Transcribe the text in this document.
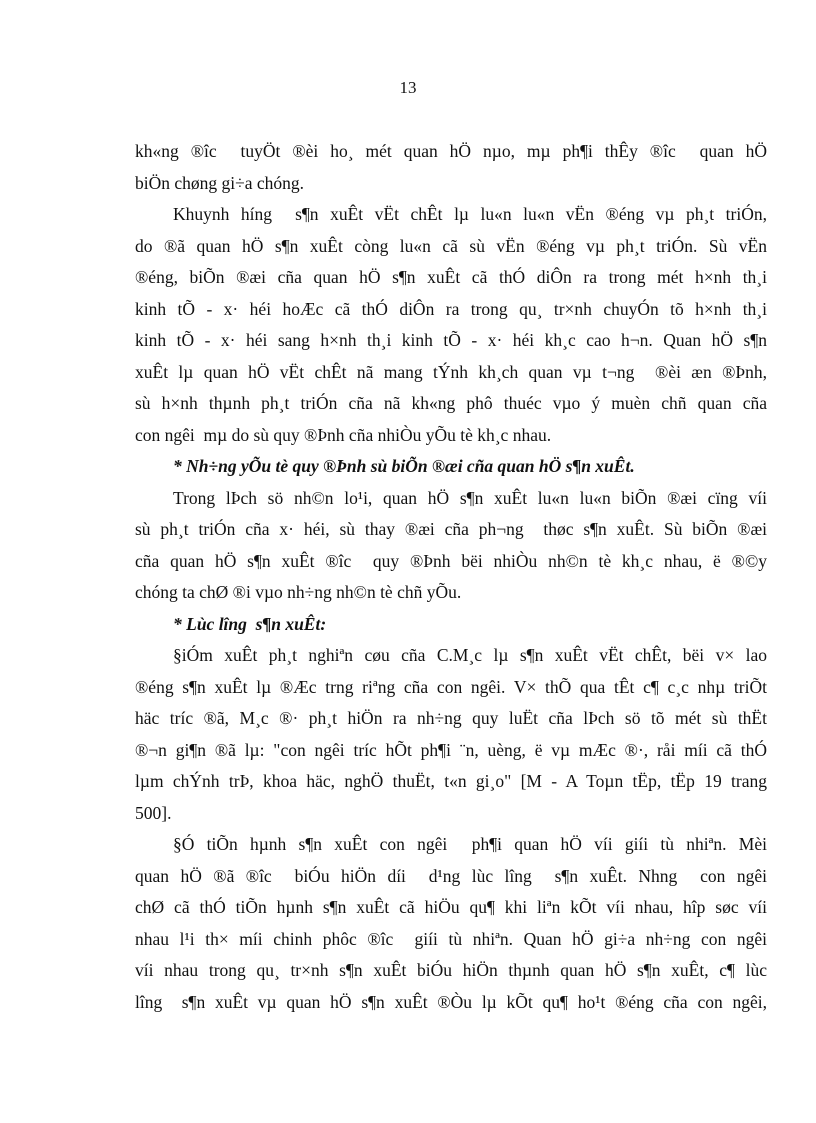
13
kh«ng ®îc  tuyÖt ®èi ho¸ mét quan hÖ nµo, mµ ph¶i thÊy ®îc  quan hÖ
biÖn chøng gi÷a chóng.
Khuynh híng  s¶n xuÊt vËt chÊt lµ lu«n lu«n vËn ®éng vµ ph¸t triÓn,
do ®ã quan hÖ s¶n xuÊt còng lu«n cã sù vËn ®éng vµ ph¸t triÓn. Sù vËn
®éng, biÕn ®æi cña quan hÖ s¶n xuÊt cã thÓ diÔn ra trong mét h×nh th¸i
kinh tÕ - x· héi hoÆc cã thÓ diÔn ra trong qu¸ tr×nh chuyÓn tõ h×nh th¸i
kinh tÕ - x· héi sang h×nh th¸i kinh tÕ - x· héi kh¸c cao h¬n. Quan hÖ s¶n
xuÊt lµ quan hÖ vËt chÊt nã mang tÝnh kh¸ch quan vµ t¬ng  ®èi æn ®Þnh,
sù h×nh thµnh ph¸t triÓn cña nã kh«ng phô thuéc vµo ý muèn chñ quan cña
con ngêi  mµ do sù quy ®Þnh cña nhiÒu yÕu tè kh¸c nhau.
* Nh÷ng yÕu tè quy ®Þnh sù biÕn ®æi cña quan hÖ s¶n xuÊt.
Trong lÞch sö nh©n lo¹i, quan hÖ s¶n xuÊt lu«n lu«n biÕn ®æi cïng víi
sù ph¸t triÓn cña x· héi, sù thay ®æi cña ph¬ng  thøc s¶n xuÊt. Sù biÕn ®æi
cña quan hÖ s¶n xuÊt ®îc  quy ®Þnh bëi nhiÒu nh©n tè kh¸c nhau, ë ®©y
chóng ta chØ ®i vµo nh÷ng nh©n tè chñ yÕu.
* Lùc lîng  s¶n xuÊt:
§iÓm xuÊt ph¸t nghiªn cøu cña C.M¸c lµ s¶n xuÊt vËt chÊt, bëi v× lao
®éng s¶n xuÊt lµ ®Æc trng riªng cña con ngêi. V× thÕ qua tÊt c¶ c¸c nhµ triÕt
häc tríc ®ã, M¸c ®· ph¸t hiÖn ra nh÷ng quy luËt cña lÞch sö tõ mét sù thËt
®¬n gi¶n ®ã lµ: "con ngêi tríc hÕt ph¶i ¨n, uèng, ë vµ mÆc ®·, råi míi cã thÓ
lµm chÝnh trÞ, khoa häc, nghÖ thuËt, t«n gi¸o" [M - A Toµn tËp, tËp 19 trang
500].
§Ó tiÕn hµnh s¶n xuÊt con ngêi  ph¶i quan hÖ víi giíi tù nhiªn. Mèi
quan hÖ ®ã ®îc  biÓu hiÖn díi  d¹ng lùc lîng  s¶n xuÊt. Nhng  con ngêi
chØ cã thÓ tiÕn hµnh s¶n xuÊt cã hiÖu qu¶ khi liªn kÕt víi nhau, hîp søc víi
nhau l¹i th× míi chinh phôc ®îc  giíi tù nhiªn. Quan hÖ gi÷a nh÷ng con ngêi
víi nhau trong qu¸ tr×nh s¶n xuÊt biÓu hiÖn thµnh quan hÖ s¶n xuÊt, c¶ lùc
lîng  s¶n xuÊt vµ quan hÖ s¶n xuÊt ®Òu lµ kÕt qu¶ ho¹t ®éng cña con ngêi,
